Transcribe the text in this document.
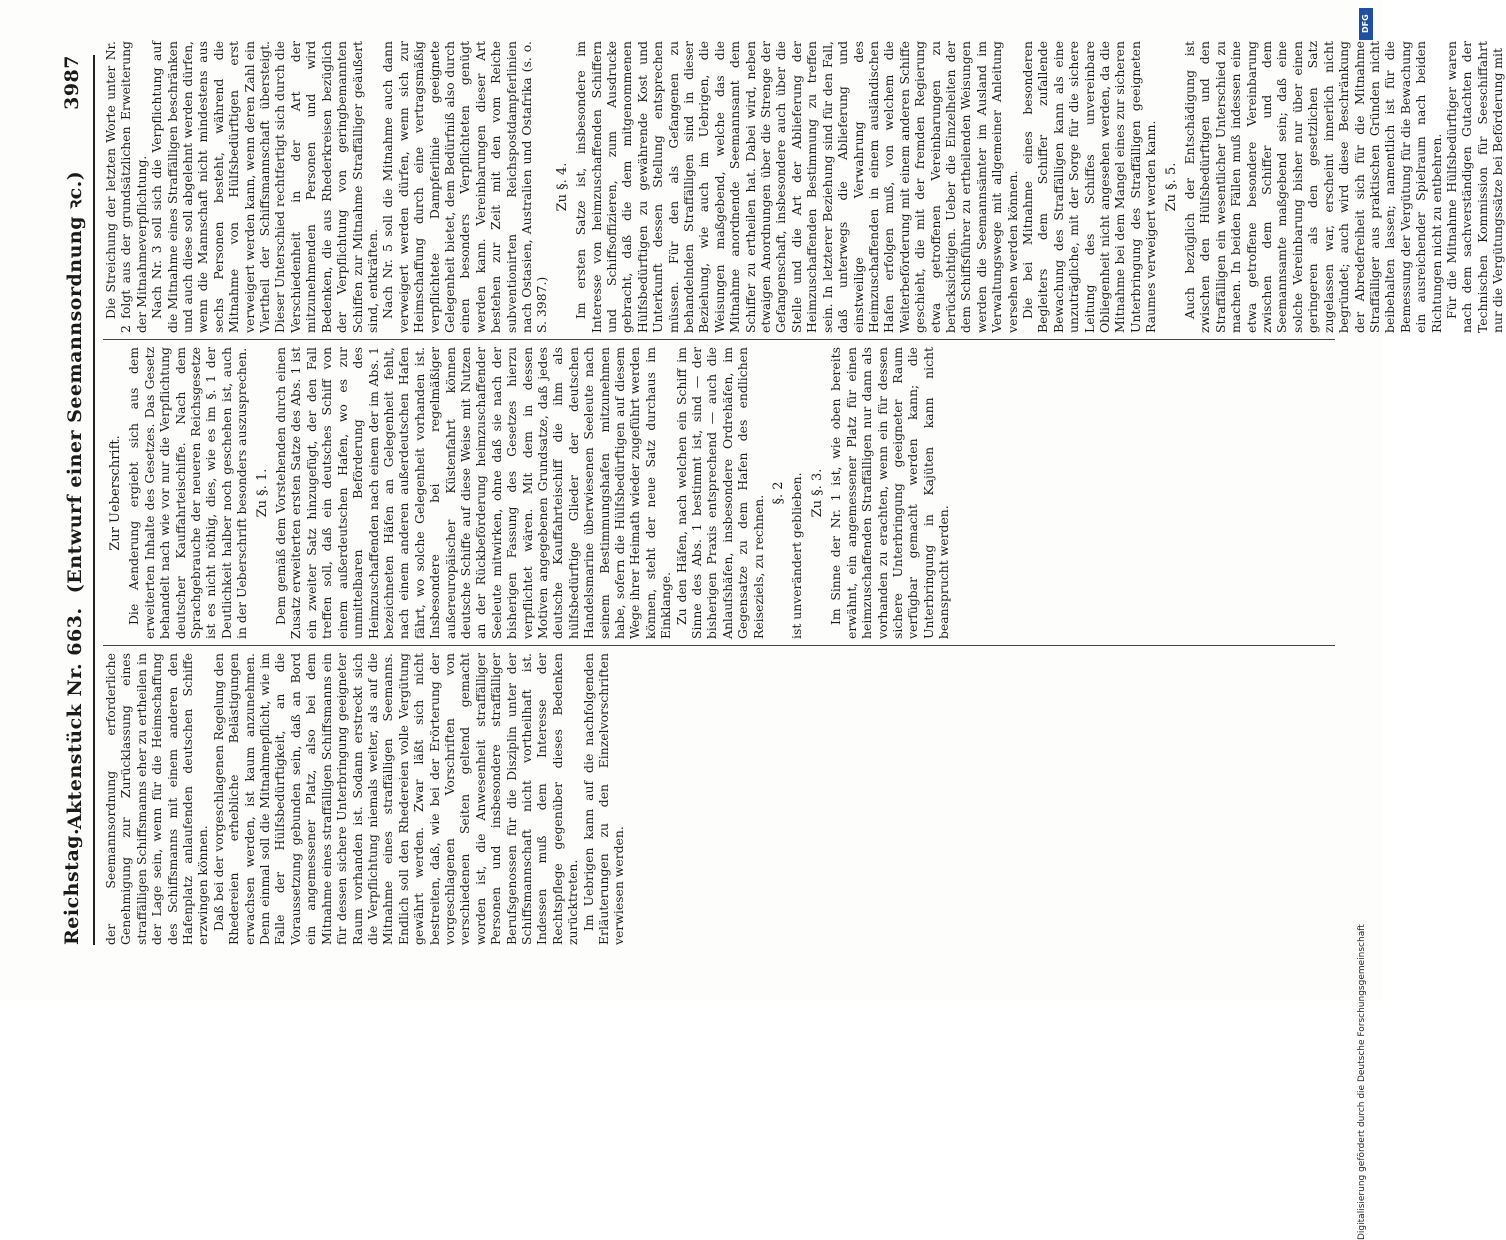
Reichstag.
Aktenstück Nr. 663.  (Entwurf einer Seemannsordnung ꝛc.)
3987

der Seemannsordnung erforderliche Genehmigung zur Zurücklassung eines straffälligen Schiffsmanns eher zu ertheilen in der Lage sein, wenn für die Heimschaffung des Schiffsmanns mit einem anderen den Hafenplatz anlaufenden deutschen Schiffe erzwingen können. Daß bei der vorgeschlagenen Regelung den Rhedereien erhebliche Belästigungen erwachsen werden, ist kaum anzunehmen. Denn einmal soll die Mitnahmepflicht, wie im Falle der Hülfsbedürftigkeit, an die Voraussetzung gebunden sein, daß an Bord ein angemessener Platz, also bei dem Mitnahme eines straffälligen Schiffsmanns ein für dessen sichere Unterbringung geeigneter Raum vorhanden ist. Sodann erstreckt sich die Verpflichtung niemals weiter, als auf die Mitnahme eines straffälligen Seemanns. Endlich soll den Rhedereien volle Vergütung gewährt werden. Zwar läßt sich nicht bestreiten, daß, wie bei der Erörterung der vorgeschlagenen Vorschriften von verschiedenen Seiten geltend gemacht worden ist, die Anwesenheit straffälliger Personen und insbesondere straffälliger Berufsgenossen für die Disziplin unter der Schiffsmannschaft nicht vortheilhaft ist. Indessen muß dem Interesse der Rechtspflege gegenüber dieses Bedenken zurücktreten. Im Uebrigen kann auf die nachfolgenden Erläuterungen zu den Einzelvorschriften verwiesen werden.

Zur Ueberschrift. Die Aenderung ergiebt sich aus dem erweiterten Inhalte des Gesetzes. Das Gesetz behandelt nach wie vor nur die Verpflichtung deutscher Kauffahrteischiffe. Nach dem Sprachgebrauche der neueren Reichsgesetze ist es nicht nöthig, dies, wie es im §. 1 der Deutlichkeit halber noch geschehen ist, auch in der Ueberschrift besonders auszusprechen. Zu §. 1. Dem gemäß dem Vorstehenden durch einen Zusatz erweiterten ersten Satze des Abs. 1 ist ein zweiter Satz hinzugefügt, der den Fall treffen soll, daß ein deutsches Schiff von einem außerdeutschen Hafen, wo es zur unmittelbaren Beförderung des Heimzuschaffenden nach einem der im Abs. 1 bezeichneten Häfen an Gelegenheit fehlt, nach einem anderen außerdeutschen Hafen fährt, wo solche Gelegenheit vorhanden ist. Insbesondere bei regelmäßiger außereuropäischer Küstenfahrt können deutsche Schiffe auf diese Weise mit Nutzen an der Rückbeförderung heimzuschaffender Seeleute mitwirken, ohne daß sie nach der bisherigen Fassung des Gesetzes hierzu verpflichtet wären. Mit dem in dessen Motiven angegebenen Grundsatze, daß jedes deutsche Kauffahrteischiff die ihm als hülfsbedürftige Glieder der deutschen Handelsmarine überwiesenen Seeleute nach seinem Bestimmungshafen mitzunehmen habe, sofern die Hülfsbedürftigen auf diesem Wege ihrer Heimath wieder zugeführt werden können, steht der neue Satz durchaus im Einklange. Zu den Häfen, nach welchen ein Schiff im Sinne des Abs. 1 bestimmt ist, sind — der bisherigen Praxis entsprechend — auch die Anlaufshäfen, insbesondere Ordrehäfen, im Gegensatze zu dem Hafen des endlichen Reiseziels, zu rechnen.

§. 2 ist unverändert geblieben. Zu §. 3. Im Sinne der Nr. 1 ist, wie oben bereits erwähnt, ein angemessener Platz für einen heimzuschaffenden Straffälligen nur dann als vorhanden zu erachten, wenn ein für dessen sichere Unterbringung geeigneter Raum verfügbar gemacht werden kann; die Unterbringung in Kajüten kann nicht beansprucht werden.

Die Streichung der letzten Worte unter Nr. 2 folgt aus der grundsätzlichen Erweiterung der Mitnahmeverpflichtung. Nach Nr. 3 soll sich die Verpflichtung auf die Mitnahme eines Straffälligen beschränken und auch diese soll abgelehnt werden dürfen, wenn die Mannschaft nicht mindestens aus sechs Personen besteht, während die Mitnahme von Hülfsbedürftigen erst verweigert werden kann, wenn deren Zahl ein Viertheil der Schiffsmannschaft übersteigt. Dieser Unterschied rechtfertigt sich durch die Verschiedenheit in der Art der mitzunehmenden Personen und wird Bedenken, die aus Rhederkreisen bezüglich der Verpflichtung von geringbemannten Schiffen zur Mitnahme Straffälliger geäußert sind, entkräften. Nach Nr. 5 soll die Mitnahme auch dann verweigert werden dürfen, wenn sich zur Heimschaffung durch eine vertragsmäßig verpflichtete Dampferlinie geeignete Gelegenheit bietet, dem Bedürfniß also durch einen besonders Verpflichteten genügt werden kann. Vereinbarungen dieser Art bestehen zur Zeit mit den vom Reiche subventionirten Reichspostdampferlinien nach Ostasien, Australien und Ostafrika (s. o. S. 3987.)

Zu §. 4. Im ersten Satze ist, insbesondere im Interesse von heimzuschaffenden Schiffern und Schiffsoffizieren, zum Ausdrucke gebracht, daß die dem mitgenommenen Hülfsbedürftigen zu gewährende Kost und Unterkunft dessen Stellung entsprechen müssen. Für den als Gefangenen zu behandelnden Straffälligen sind in dieser Beziehung, wie auch im Uebrigen, die Weisungen maßgebend, welche das die Mitnahme anordnende Seemannsamt dem Schiffer zu ertheilen hat. Dabei wird, neben etwaigen Anordnungen über die Strenge der Gefangenschaft, insbesondere auch über die Stelle und die Art der Ablieferung der Heimzuschaffenden Bestimmung zu treffen sein. In letzterer Beziehung sind für den Fall, daß unterwegs die Ablieferung und einstweilige Verwahrung des Heimzuschaffenden in einem ausländischen Hafen erfolgen muß, von welchem die Weiterbeförderung mit einem anderen Schiffe geschieht, die mit der fremden Regierung etwa getroffenen Vereinbarungen zu berücksichtigen. Ueber die Einzelheiten der dem Schiffsführer zu ertheilenden Weisungen werden die Seemannsämter im Ausland im Verwaltungswege mit allgemeiner Anleitung versehen werden können. Die bei Mitnahme eines besonderen Begleiters dem Schiffer zufallende Bewachung des Straffälligen kann als eine unzuträgliche, mit der Sorge für die sichere Leitung des Schiffes unvereinbare Obliegenheit nicht angesehen werden, da die Mitnahme bei dem Mangel eines zur sicheren Unterbringung des Straffälligen geeigneten Raumes verweigert werden kann. Zu §. 5. Auch bezüglich der Entschädigung ist zwischen den Hülfsbedürftigen und den Straffälligen ein wesentlicher Unterschied zu machen. In beiden Fällen muß indessen eine etwa getroffene besondere Vereinbarung zwischen dem Schiffer und dem Seemannsamte maßgebend sein; daß eine solche Vereinbarung bisher nur über einen geringeren als den gesetzlichen Satz zugelassen war, erscheint innerlich nicht begründet; auch wird diese Beschränkung der Abredefreiheit sich für die Mitnahme Straffälliger aus praktischen Gründen nicht beibehalten lassen; namentlich ist für die Bemessung der Vergütung für die Bewachung ein ausreichender Spielraum nach beiden Richtungen nicht zu entbehren. Für die Mitnahme Hülfsbedürftiger waren nach dem sachverständigen Gutachten der Technischen Kommission für Seeschiffahrt nur die Vergütungssätze bei Beförderung mit

DFG
Digitalisierung gefördert durch die Deutsche Forschungsgemeinschaft
